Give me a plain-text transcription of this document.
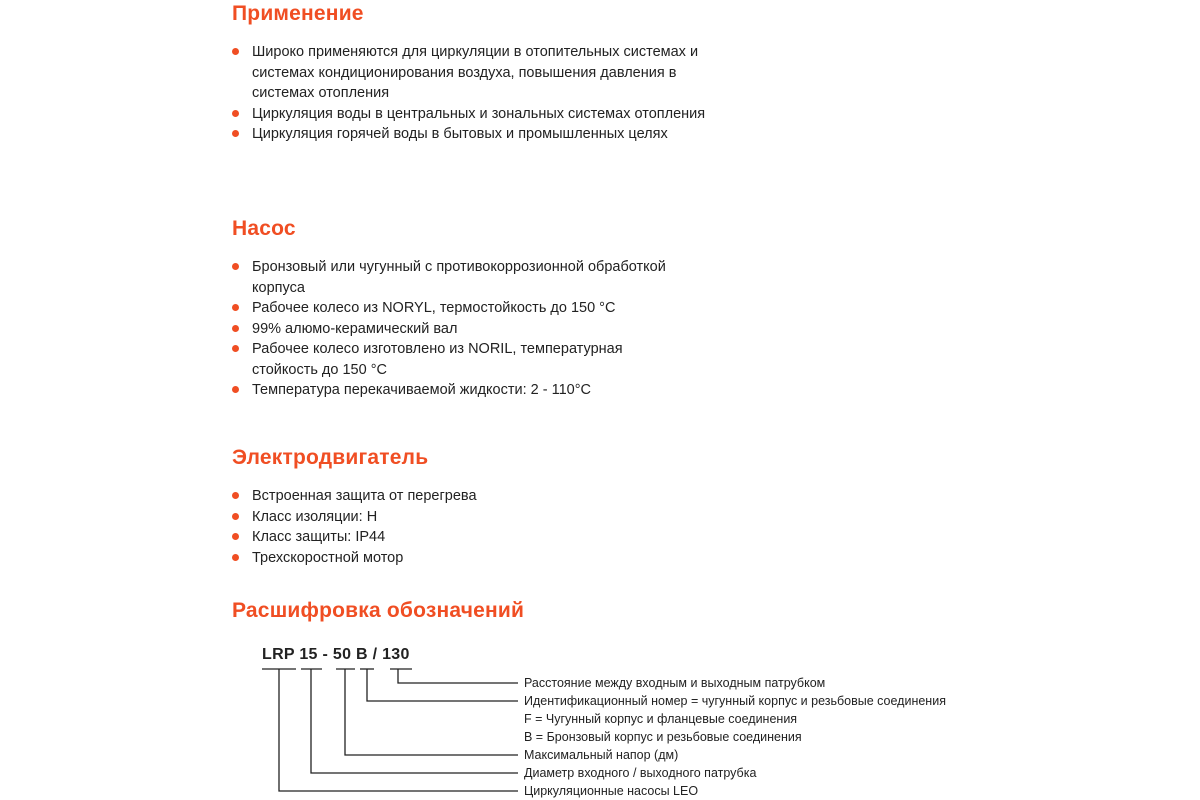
Применение
Широко применяются для циркуляции в отопительных системах и системах кондиционирования воздуха, повышения давления в системах отопления
Циркуляция воды в центральных и зональных системах отопления
Циркуляция горячей воды в бытовых и промышленных целях
Насос
Бронзовый или чугунный с противокоррозионной обработкой корпуса
Рабочее колесо из NORYL, термостойкость до 150 °С
99% алюмо-керамический вал
Рабочее колесо изготовлено из NORIL, температурная стойкость до 150 °С
Температура перекачиваемой жидкости: 2 - 110°С
Электродвигатель
Встроенная защита от перегрева
Класс изоляции: Н
Класс защиты: IP44
Трехскоростной мотор
Расшифровка обозначений
LRP 15 - 50 B / 130
Расстояние между входным и выходным патрубком
Идентификационный номер = чугунный корпус и резьбовые соединения
F = Чугунный корпус и фланцевые соединения
B = Бронзовый корпус и резьбовые соединения
Максимальный напор (дм)
Диаметр входного / выходного патрубка
Циркуляционные насосы LEO
